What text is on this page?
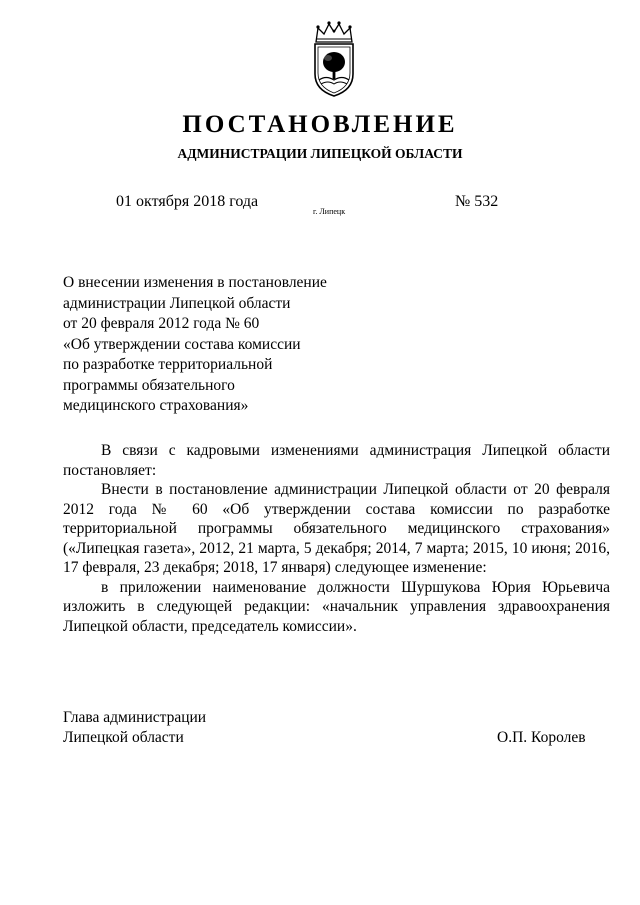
ПОСТАНОВЛЕНИЕ
АДМИНИСТРАЦИИ ЛИПЕЦКОЙ ОБЛАСТИ
01 октября 2018 года
г. Липецк
№ 532
О внесении изменения в постановление
администрации Липецкой области
от 20 февраля 2012 года № 60
«Об утверждении состава комиссии
по разработке территориальной
программы обязательного
медицинского страхования»

В связи с кадровыми изменениями администрация Липецкой области постановляет:

Внести в постановление администрации Липецкой области от 20 февраля 2012 года № 60 «Об утверждении состава комиссии по разработке территориальной программы обязательного медицинского страхования» («Липецкая газета», 2012, 21 марта, 5 декабря; 2014, 7 марта; 2015, 10 июня; 2016, 17 февраля, 23 декабря; 2018, 17 января) следующее изменение:

в приложении наименование должности Шуршукова Юрия Юрьевича изложить в следующей редакции: «начальник управления здравоохранения Липецкой области, председатель комиссии».

Глава администрации
Липецкой области	О.П. Королев
